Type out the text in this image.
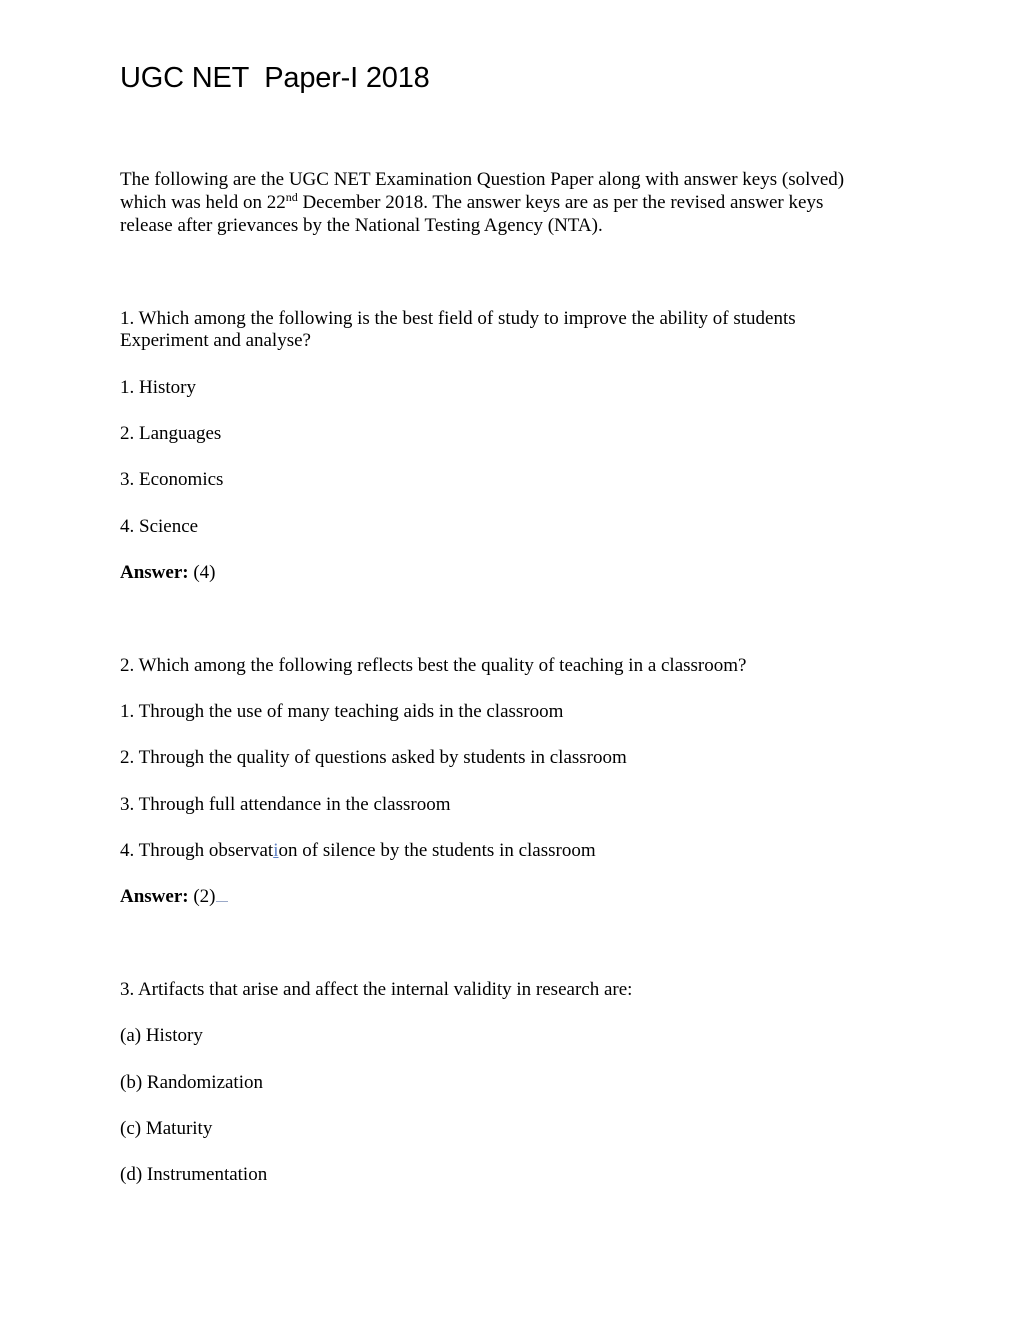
UGC NET  Paper-I 2018
The following are the UGC NET Examination Question Paper along with answer keys (solved)
which was held on 22nd December 2018. The answer keys are as per the revised answer keys
release after grievances by the National Testing Agency (NTA).
1. Which among the following is the best field of study to improve the ability of students
Experiment and analyse?
1. History
2. Languages
3. Economics
4. Science
Answer: (4)
2. Which among the following reflects best the quality of teaching in a classroom?
1. Through the use of many teaching aids in the classroom
2. Through the quality of questions asked by students in classroom
3. Through full attendance in the classroom
4. Through observation of silence by the students in classroom
Answer: (2)
3. Artifacts that arise and affect the internal validity in research are:
(a) History
(b) Randomization
(c) Maturity
(d) Instrumentation
